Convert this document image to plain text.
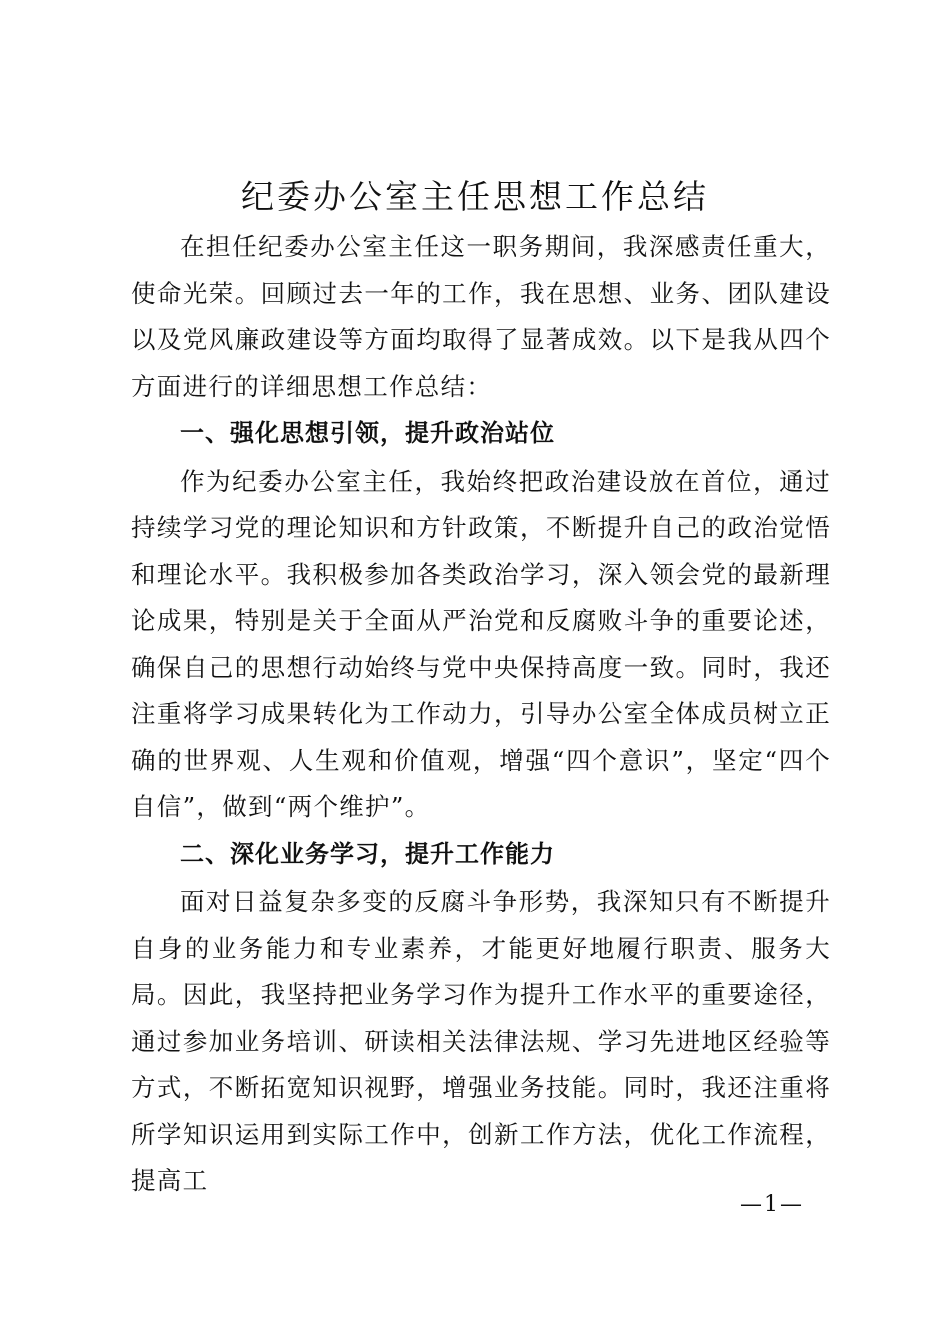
纪委办公室主任思想工作总结

在担任纪委办公室主任这一职务期间，我深感责任重大，使命光荣。回顾过去一年的工作，我在思想、业务、团队建设以及党风廉政建设等方面均取得了显著成效。以下是我从四个方面进行的详细思想工作总结：

一、强化思想引领，提升政治站位

作为纪委办公室主任，我始终把政治建设放在首位，通过持续学习党的理论知识和方针政策，不断提升自己的政治觉悟和理论水平。我积极参加各类政治学习，深入领会党的最新理论成果，特别是关于全面从严治党和反腐败斗争的重要论述，确保自己的思想行动始终与党中央保持高度一致。同时，我还注重将学习成果转化为工作动力，引导办公室全体成员树立正确的世界观、人生观和价值观，增强“四个意识”，坚定“四个自信”，做到“两个维护”。

二、深化业务学习，提升工作能力

面对日益复杂多变的反腐斗争形势，我深知只有不断提升自身的业务能力和专业素养，才能更好地履行职责、服务大局。因此，我坚持把业务学习作为提升工作水平的重要途径，通过参加业务培训、研读相关法律法规、学习先进地区经验等方式，不断拓宽知识视野，增强业务技能。同时，我还注重将所学知识运用到实际工作中，创新工作方法，优化工作流程，提高工

—1—
